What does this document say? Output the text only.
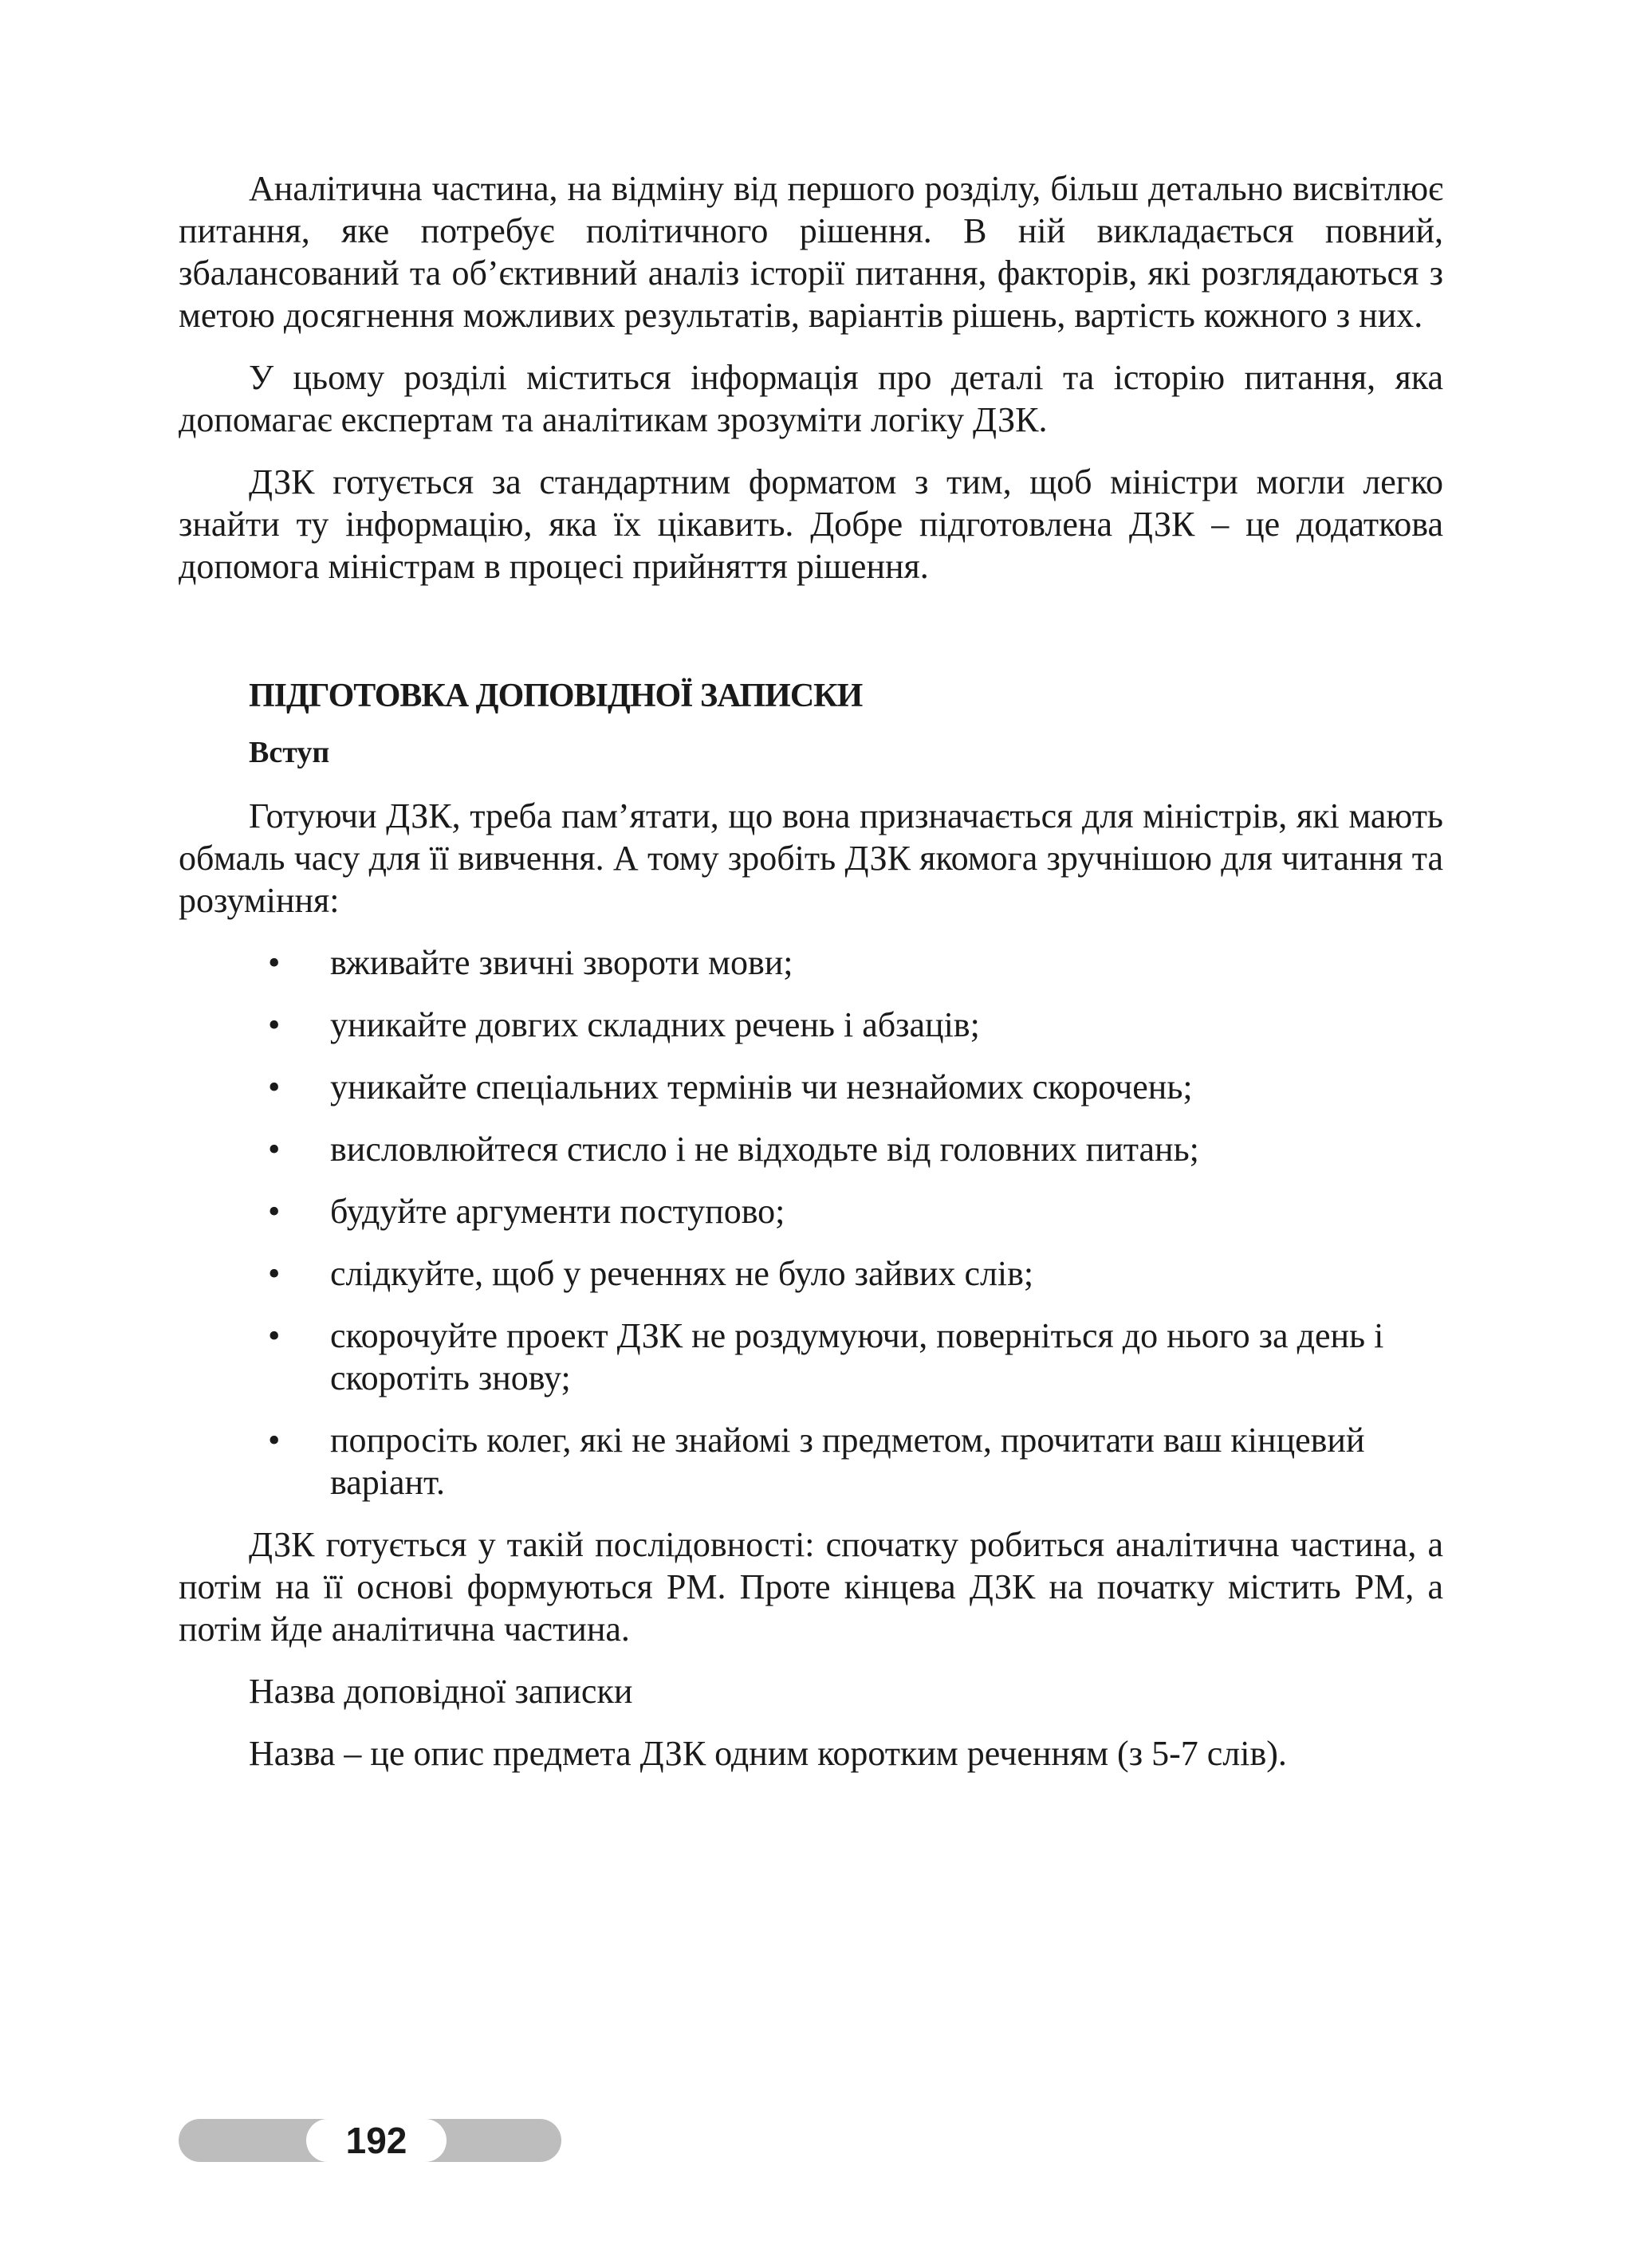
Аналітична частина, на відміну від першого розділу, більш детально висвітлює питання, яке потребує політичного рішення. В ній викладається повний, збалансований та об’єктивний аналіз історії питання, факторів, які розглядаються з метою досягнення можливих результатів, варіантів рішень, вартість кожного з них.

У цьому розділі міститься інформація про деталі та історію питання, яка допомагає експертам та аналітикам зрозуміти логіку ДЗК.

ДЗК готується за стандартним форматом з тим, щоб міністри могли легко знайти ту інформацію, яка їх цікавить. Добре підготовлена ДЗК – це додаткова допомога міністрам в процесі прийняття рішення.

ПІДГОТОВКА ДОПОВІДНОЇ ЗАПИСКИ
Вступ

Готуючи ДЗК, треба пам’ятати, що вона призначається для міністрів, які мають обмаль часу для її вивчення. А тому зробіть ДЗК якомога зручнішою для читання та розуміння:

• вживайте звичні звороти мови;
• уникайте довгих складних речень і абзаців;
• уникайте спеціальних термінів чи незнайомих скорочень;
• висловлюйтеся стисло і не відходьте від головних питань;
• будуйте аргументи поступово;
• слідкуйте, щоб у реченнях не було зайвих слів;
• скорочуйте проект ДЗК не роздумуючи, поверніться до нього за день і скоротіть знову;
• попросіть колег, які не знайомі з предметом, прочитати ваш кінцевий варіант.

ДЗК готується у такій послідовності: спочатку робиться аналітична частина, а потім на її основі формуються РМ. Проте кінцева ДЗК на початку містить РМ, а потім йде аналітична частина.

Назва доповідної записки

Назва – це опис предмета ДЗК одним коротким реченням (з 5-7 слів).

192
